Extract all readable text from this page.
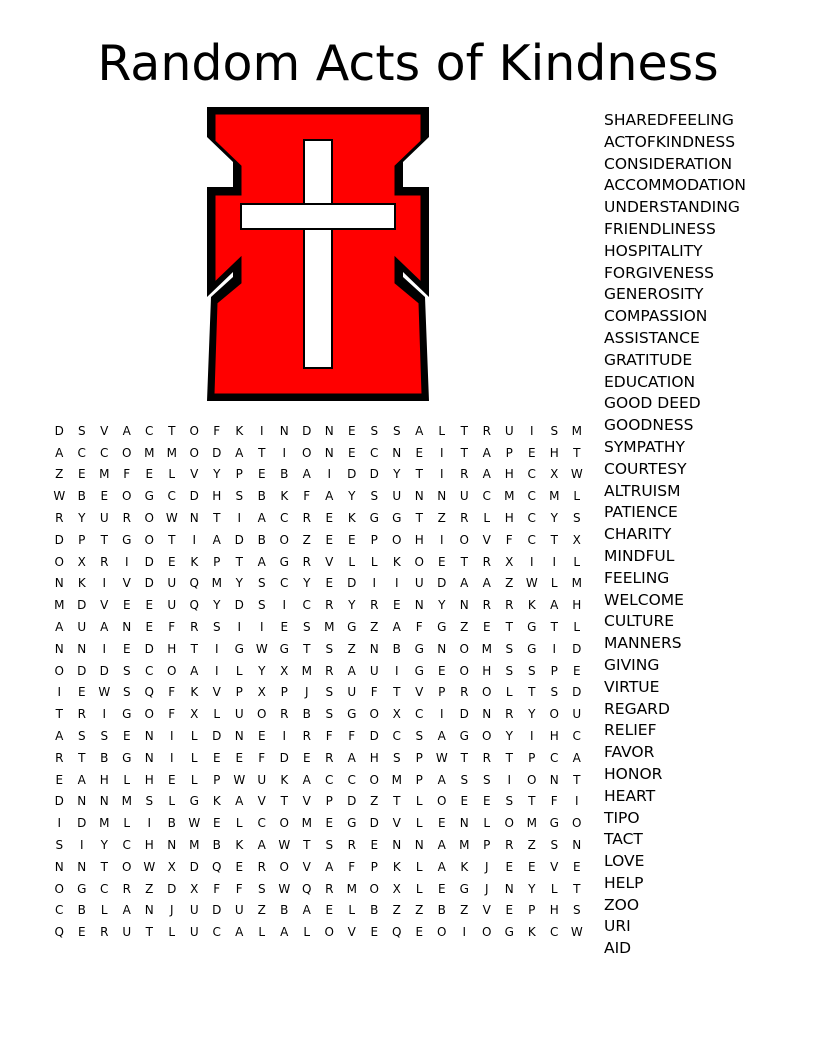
Random Acts of Kindness
D	S	V	A	C	T	O	F	K	I	N	D	N	E	S	S	A	L	T	R	U	I	S	M
A	C	C	O	M	M	O	D	A	T	I	O	N	E	C	N	E	I	T	A	P	E	H	T
Z	E	M	F	E	L	V	Y	P	E	B	A	I	D	D	Y	T	I	R	A	H	C	X	W
W	B	E	O	G	C	D	H	S	B	K	F	A	Y	S	U	N	N	U	C	M	C	M	L
R	Y	U	R	O W	N	T	I	A	C	R	E	K	G	G	T	Z	R	L	H	C	Y	S
D	P	T	G	O	T	I	A	D	B	O	Z	E	E	P	O	H	I	O	V	F	C	T	X
O	X	R	I	D	E	K	P	T	A	G	R	V	L	L	K	O	E	T	R	X	I	I	L
N	K	I	V	D	U	Q	M	Y	S	C	Y	E	D	I	I	U	D	A	A	Z	W	L	M
M	D	V	E	E	U	Q	Y	D	S	I	C	R	Y	R	E	N	Y	N	R	R	K	A	H
A	U	A	N	E	F	R	S	I	I	E	S	M	G	Z	A	F	G	Z	E	T	G	T	L
N	N	I	E	D	H	T	I	G W G	T	S	Z	N	B	G	N	O	M	S	G	I	D
O	D	D	S	C	O	A	I	L	Y	X	M	R	A	U	I	G	E	O	H	S	S	P	E
I	E	W	S	Q	F	K	V	P	X	P	J	S	U	F	T	V	P	R	O	L	T	S	D
T	R	I	G	O	F	X	L	U	O	R	B	S	G	O	X	C	I	D	N	R	Y	O	U
A	S	S	E	N	I	L	D	N	E	I	R	F	F	D	C	S	A	G	O	Y	I	H	C
R	T	B	G	N	I	L	E	E	F	D	E	R	A	H	S	P	W	T	R	T	P	C	A
E	A	H	L	H	E	L	P	W	U	K	A	C	C	O	M	P	A	S	S	I	O	N	T
D	N	N	M	S	L	G	K	A	V	T	V	P	D	Z	T	L	O	E	E	S	T	F	I
I	D	M	L	I	B	W	E	L	C	O	M	E	G	D	V	L	E	N	L	O	M	G	O
S	I	Y	C	H	N	M	B	K	A	W	T	S	R	E	N	N	A	M	P	R	Z	S	N
N	N	T	O W	X	D	Q	E	R	O	V	A	F	P	K	L	A	K	J	E	E	V	E
O	G	C	R	Z	D	X	F	F	S	W Q	R	M	O	X	L	E	G	J	N	Y	L	T
C	B	L	A	N	J	U	D	U	Z	B	A	E	L	B	Z	Z	B	Z	V	E	P	H	S
Q	E	R	U	T	L	U	C	A	L	A	L	O	V	E	Q	E	O	I	O	G	K	C	W
SHAREDFEELING
ACTOFKINDNESS
CONSIDERATION
ACCOMMODATION
UNDERSTANDING
FRIENDLINESS
HOSPITALITY
FORGIVENESS
GENEROSITY
COMPASSION
ASSISTANCE
GRATITUDE
EDUCATION
GOOD DEED
GOODNESS
SYMPATHY
COURTESY
ALTRUISM
PATIENCE
CHARITY
MINDFUL
FEELING
WELCOME
CULTURE
MANNERS
GIVING
VIRTUE
REGARD
RELIEF
FAVOR
HONOR
HEART
TIPO
TACT
LOVE
HELP
ZOO
URI
AID
